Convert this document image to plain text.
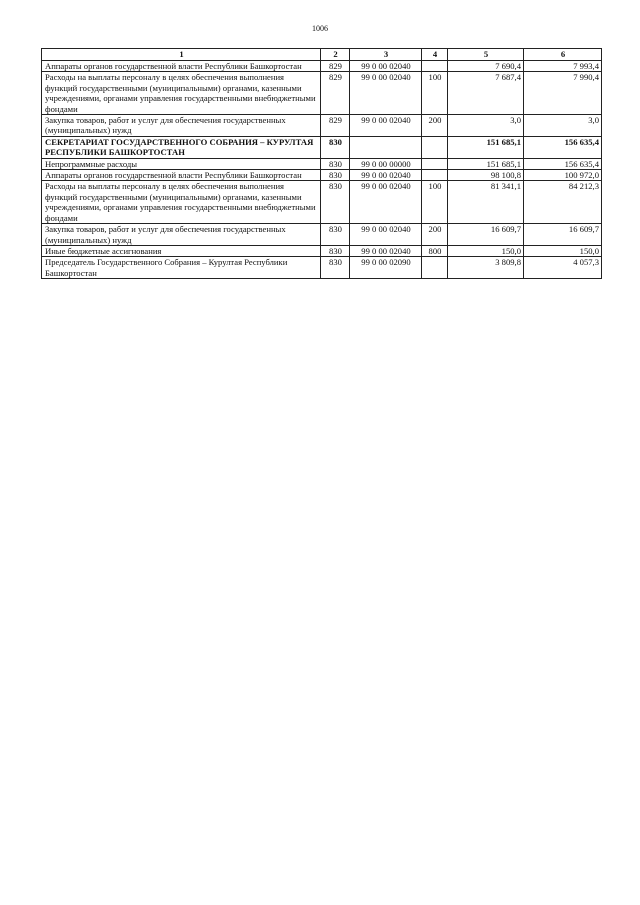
1006
1	2	3	4	5	6
Аппараты органов государственной власти Республики Башкортостан	829	99 0 00 02040		7 690,4	7 993,4
Расходы на выплаты персоналу в целях обеспечения выполнения функций государственными (муниципальными) органами, казенными учреждениями, органами управления государственными внебюджетными фондами	829	99 0 00 02040	100	7 687,4	7 990,4
Закупка товаров, работ и услуг для обеспечения государственных (муниципальных) нужд	829	99 0 00 02040	200	3,0	3,0
СЕКРЕТАРИАТ ГОСУДАРСТВЕННОГО СОБРАНИЯ – КУРУЛТАЯ РЕСПУБЛИКИ БАШКОРТОСТАН	830			151 685,1	156 635,4
Непрограммные расходы	830	99 0 00 00000		151 685,1	156 635,4
Аппараты органов государственной власти Республики Башкортостан	830	99 0 00 02040		98 100,8	100 972,0
Расходы на выплаты персоналу в целях обеспечения выполнения функций государственными (муниципальными) органами, казенными учреждениями, органами управления государственными внебюджетными фондами	830	99 0 00 02040	100	81 341,1	84 212,3
Закупка товаров, работ и услуг для обеспечения государственных (муниципальных) нужд	830	99 0 00 02040	200	16 609,7	16 609,7
Иные бюджетные ассигнования	830	99 0 00 02040	800	150,0	150,0
Председатель Государственного Собрания – Курултая Республики Башкортостан	830	99 0 00 02090		3 809,8	4 057,3
